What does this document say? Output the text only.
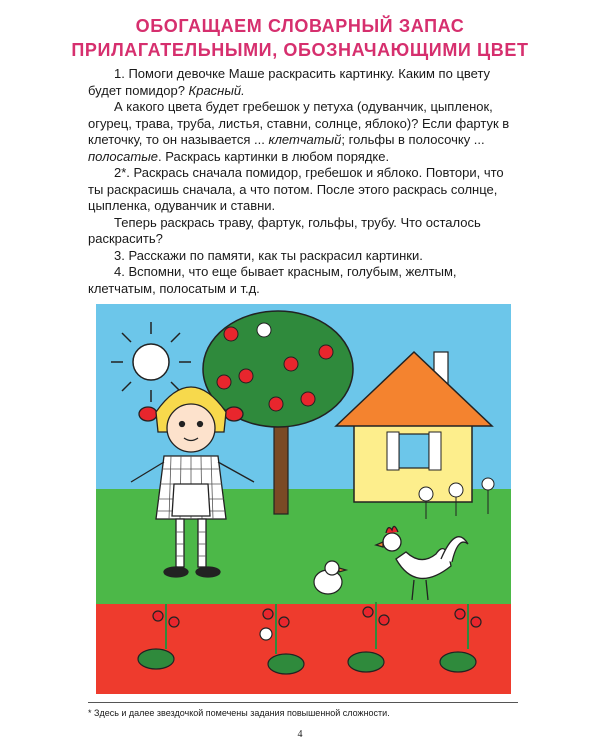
ОБОГАЩАЕМ СЛОВАРНЫЙ ЗАПАС
ПРИЛАГАТЕЛЬНЫМИ, ОБОЗНАЧАЮЩИМИ ЦВЕТ

1. Помоги девочке Маше раскрасить картинку. Каким по цвету будет помидор? Красный.

А какого цвета будет гребешок у петуха (одуванчик, цыпленок, огурец, трава, труба, листья, ставни, солнце, яблоко)? Если фартук в клеточку, то он называется ... клетчатый; гольфы в полосочку ... полосатые. Раскрась картинки в любом порядке.

2*. Раскрась сначала помидор, гребешок и яблоко. Повтори, что ты раскрасишь сначала, а что потом. После этого раскрась солнце, цыпленка, одуванчик и ставни.

Теперь раскрась траву, фартук, гольфы, трубу. Что осталось раскрасить?

3. Расскажи по памяти, как ты раскрасил картинки.

4. Вспомни, что еще бывает красным, голубым, желтым, клетчатым, полосатым и т.д.

* Здесь и далее звездочкой помечены задания повышенной сложности.
4
